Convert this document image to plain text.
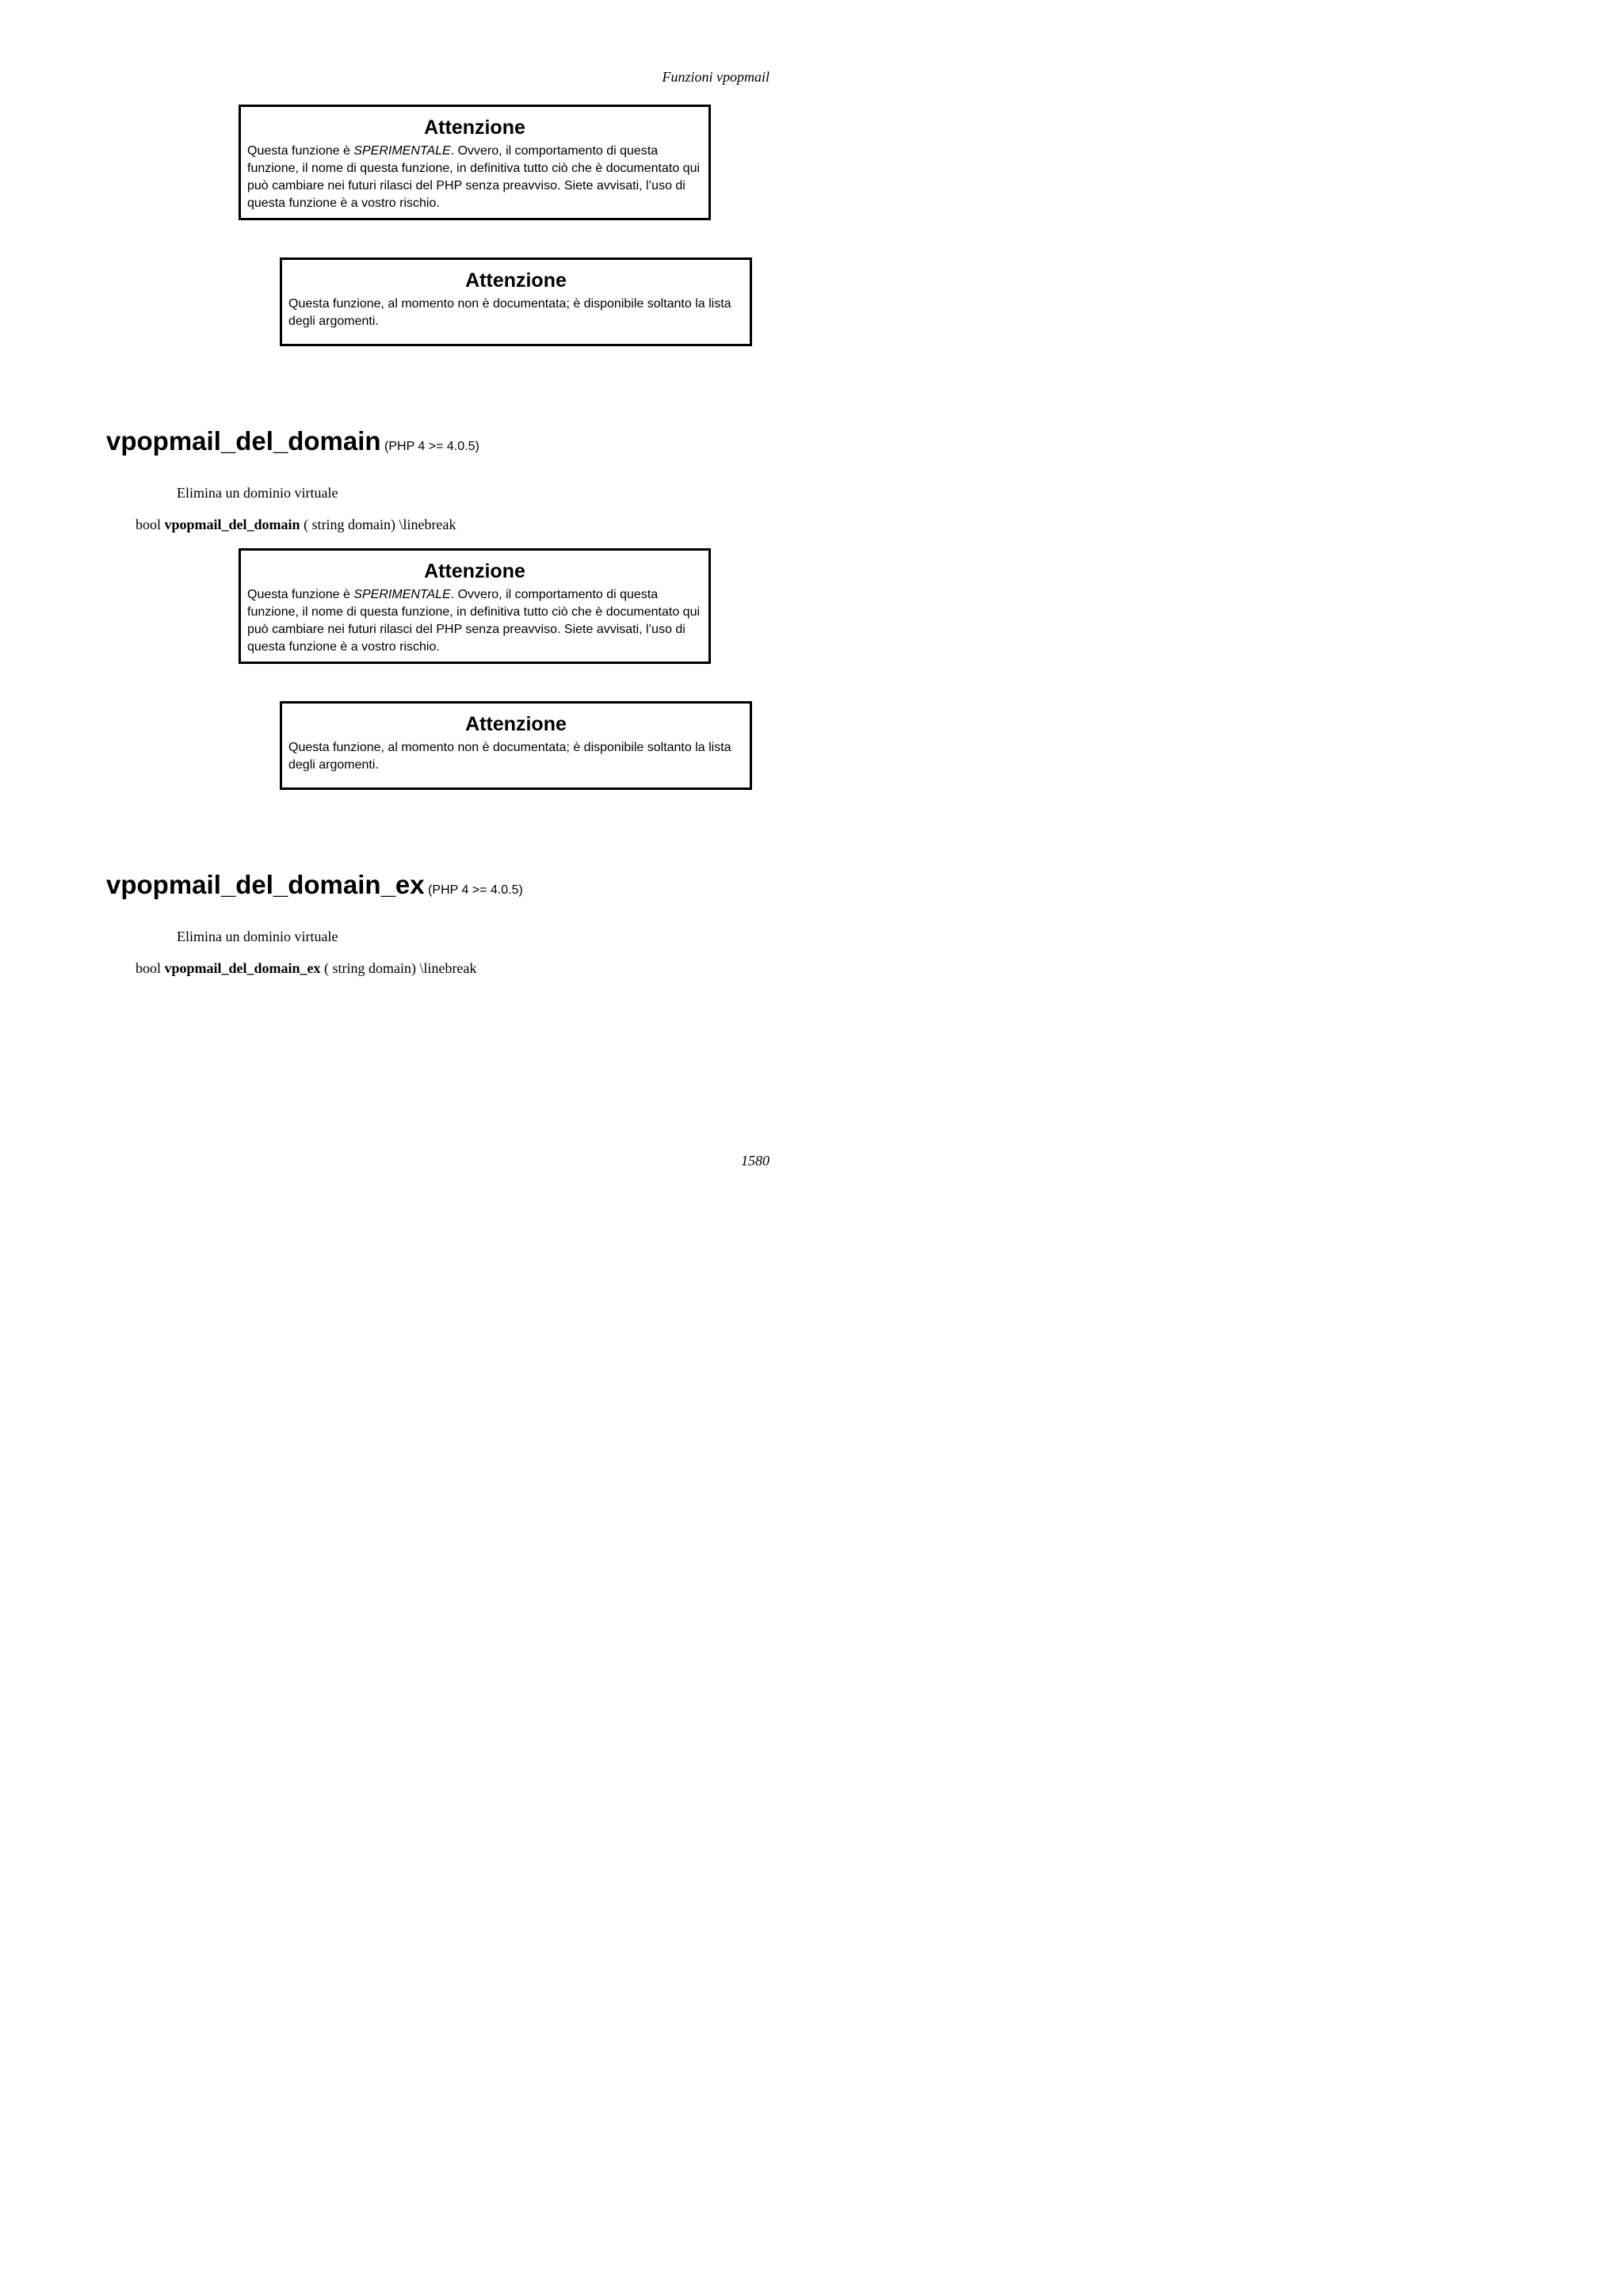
Funzioni vpopmail
Attenzione

Questa funzione è SPERIMENTALE. Ovvero, il comportamento di questa funzione, il nome di questa funzione, in definitiva tutto ciò che è documentato qui può cambiare nei futuri rilasci del PHP senza preavviso. Siete avvisati, l’uso di questa funzione è a vostro rischio.

Attenzione

Questa funzione, al momento non è documentata; è disponibile soltanto la lista degli argomenti.

vpopmail_del_domain (PHP 4 >= 4.0.5)
Elimina un dominio virtuale
bool vpopmail_del_domain ( string domain) \linebreak
Attenzione

Questa funzione è SPERIMENTALE. Ovvero, il comportamento di questa funzione, il nome di questa funzione, in definitiva tutto ciò che è documentato qui può cambiare nei futuri rilasci del PHP senza preavviso. Siete avvisati, l’uso di questa funzione è a vostro rischio.

Attenzione

Questa funzione, al momento non è documentata; è disponibile soltanto la lista degli argomenti.

vpopmail_del_domain_ex (PHP 4 >= 4.0.5)
Elimina un dominio virtuale
bool vpopmail_del_domain_ex ( string domain) \linebreak
1580
